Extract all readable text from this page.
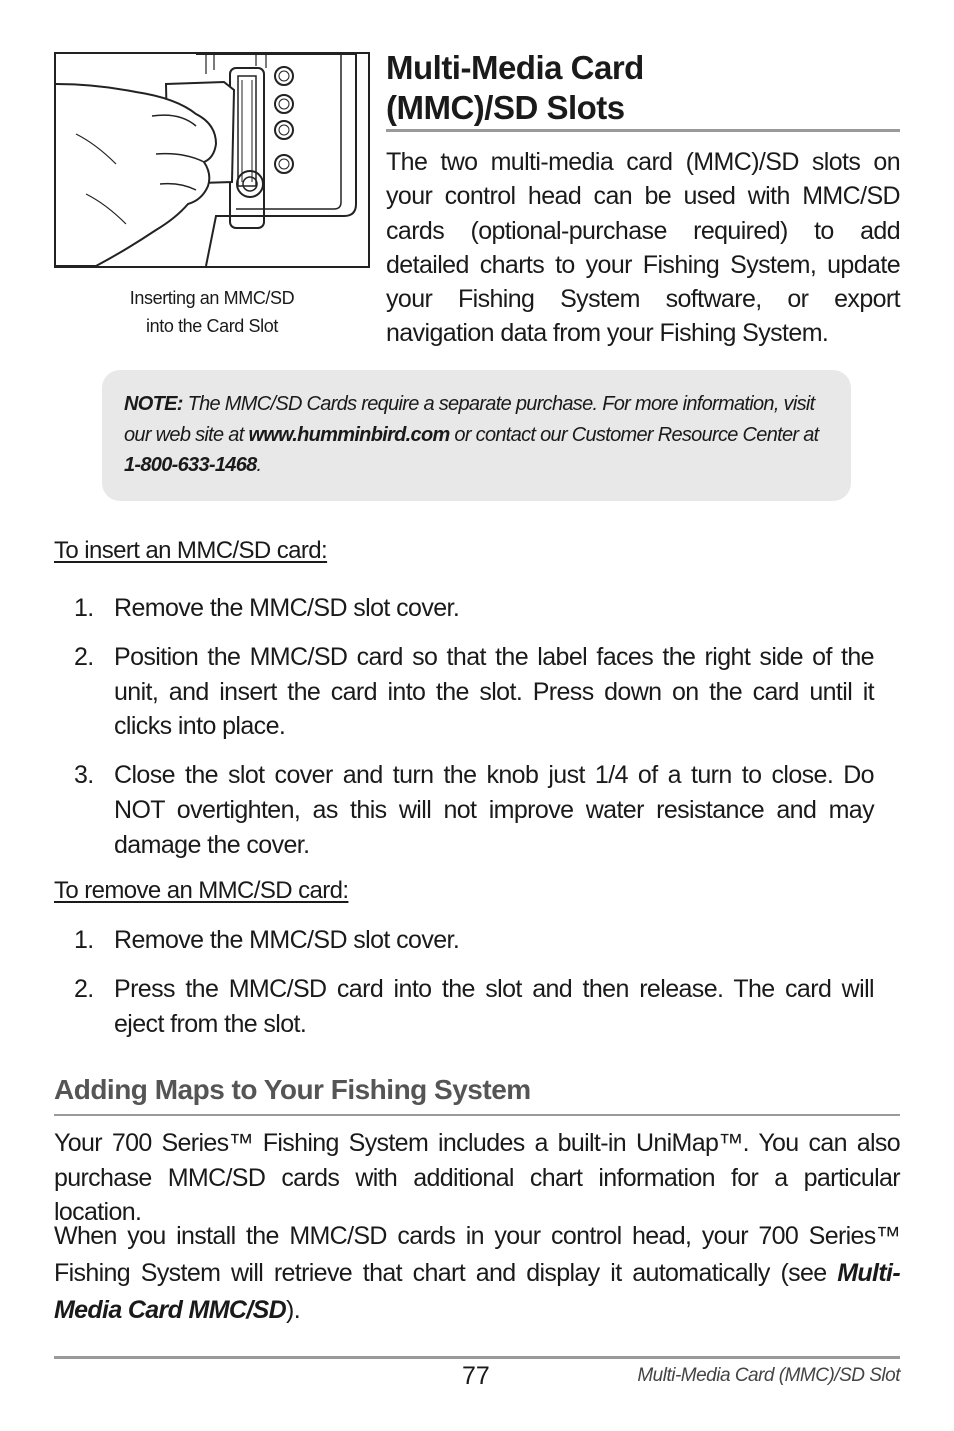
Inserting an MMC/SD
into the Card Slot
Multi-Media Card
(MMC)/SD Slots

The two multi-media card (MMC)/SD slots on your control head can be used with MMC/SD cards (optional-purchase required) to add detailed charts to your Fishing System, update your Fishing System software, or export navigation data from your Fishing System.

NOTE: The MMC/SD Cards require a separate purchase. For more information, visit our web site at www.humminbird.com or contact our Customer Resource Center at 1-800-633-1468.
To insert an MMC/SD card:
1. Remove the MMC/SD slot cover.
2. Position the MMC/SD card so that the label faces the right side of the unit, and insert the card into the slot. Press down on the card until it clicks into place.
3. Close the slot cover and turn the knob just 1/4 of a turn to close. Do NOT overtighten, as this will not improve water resistance and may damage the cover.
To remove an MMC/SD card:
1. Remove the MMC/SD slot cover.
2. Press the MMC/SD card into the slot and then release. The card will eject from the slot.
Adding Maps to Your Fishing System

Your 700 Series™ Fishing System includes a built-in UniMap™. You can also purchase MMC/SD cards with additional chart information for a particular location.

When you install the MMC/SD cards in your control head, your 700 Series™ Fishing System will retrieve that chart and display it automatically (see Multi-Media Card MMC/SD).

77	Multi-Media Card (MMC)/SD Slot
